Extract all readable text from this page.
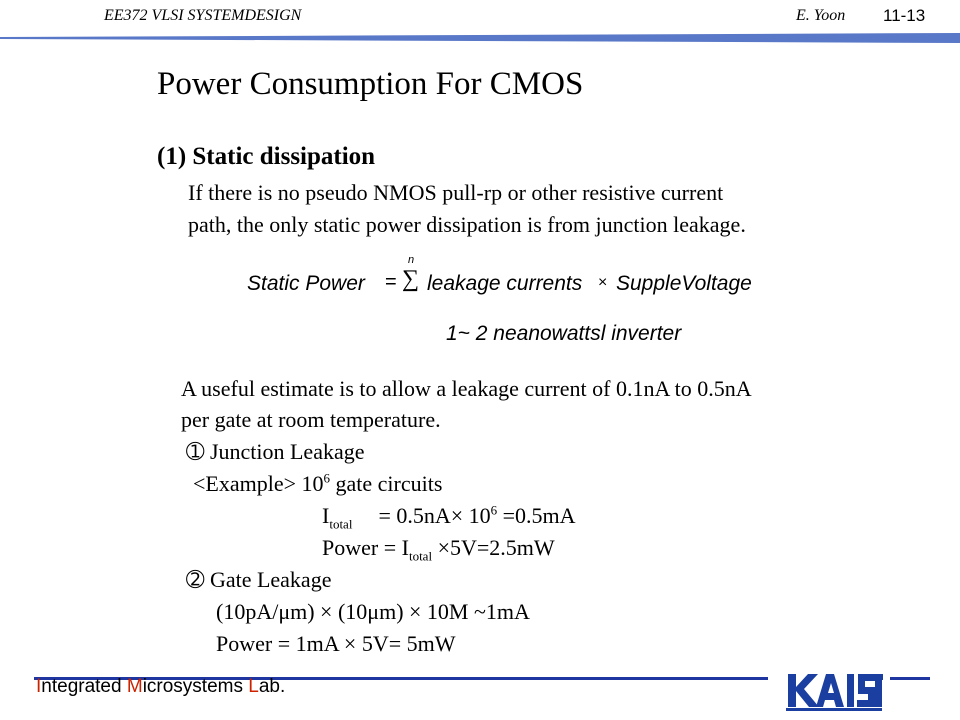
EE372 VLSI SYSTEMDESIGN	E. Yoon 11-13
Power Consumption For CMOS
(1) Static dissipation
If there is no pseudo NMOS pull-rp or other resistive current
path, the only static power dissipation is from junction leakage.
Static Power =
n
∑ leakage currents × SuppleVoltage
1~ 2 neanowattsl inverter
A useful estimate is to allow a leakage current of 0.1nA to 0.5nA
per gate at room temperature.
➀ Junction Leakage
<Example> $10^6$ gate circuits
$I_{total} = 0.5nA\times 10^6 =0.5mA$
Power = $I_{total} \times 5V=2.5mW$
➁ Gate Leakage
(10pA/μm) × (10μm) × 10M ~1mA
Power = 1mA × 5V= 5mW
Integrated Microsystems Lab.
